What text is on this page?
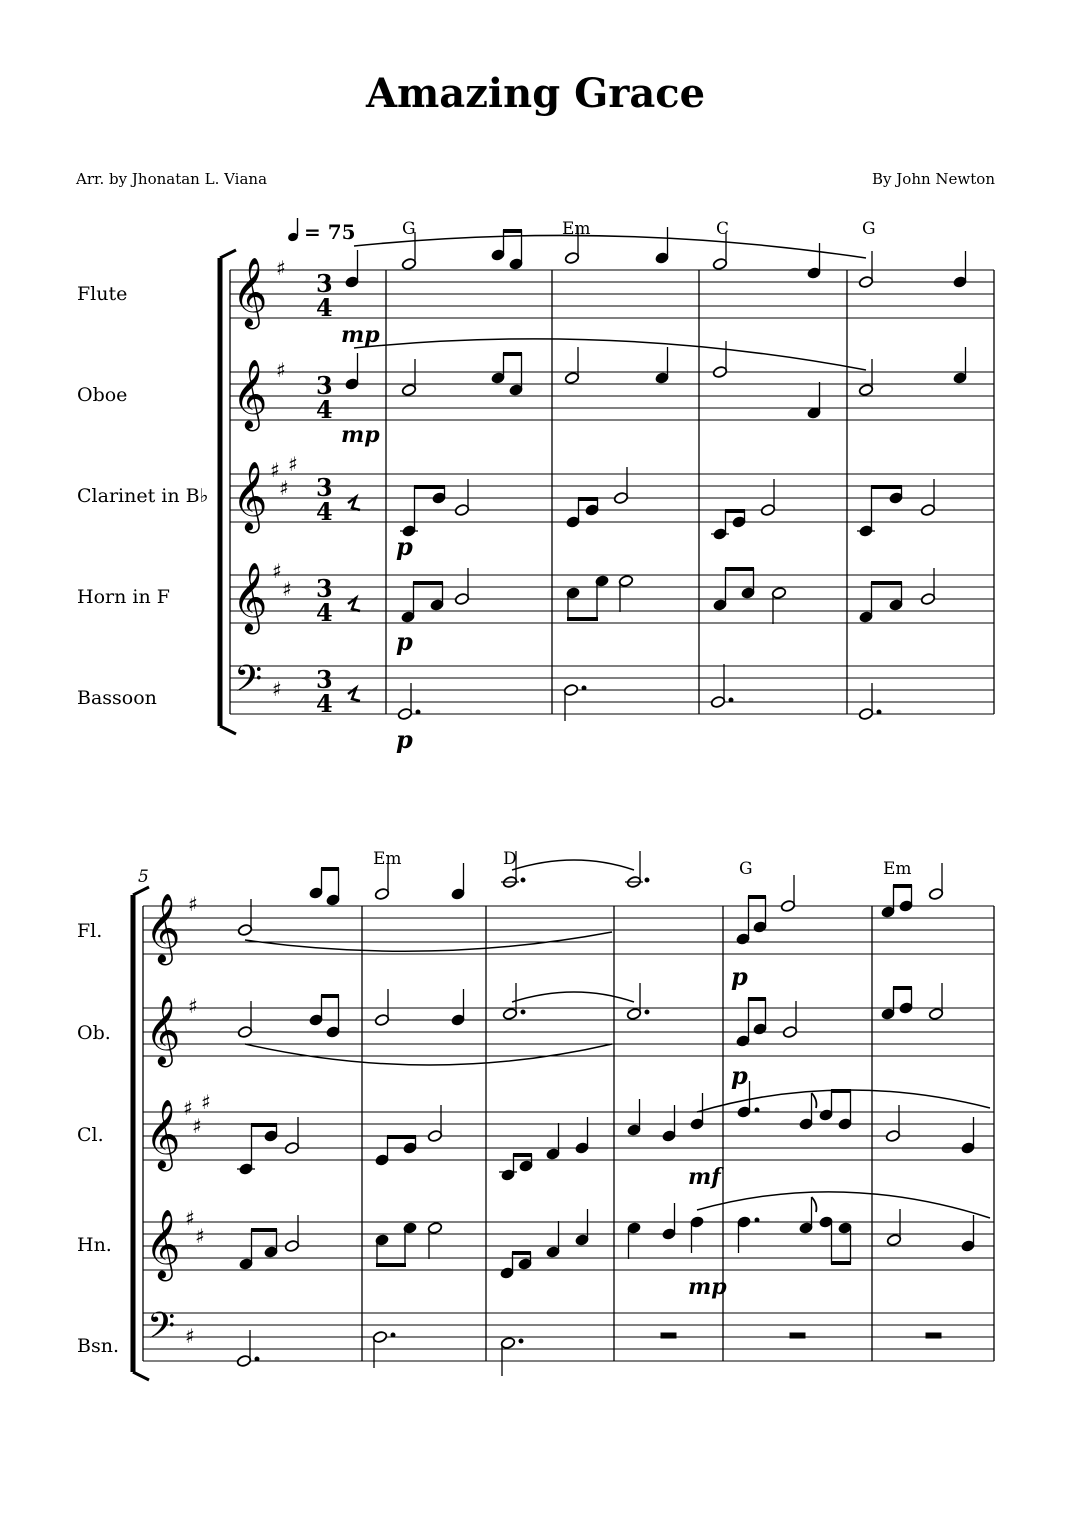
Amazing Grace
Arr. by Jhonatan L. Viana	By John Newton
= 75
Flute
Oboe
Clarinet in B♭
Horn in F
Bassoon
G	Em	C	G
𝄞
𝄞
𝄞
𝄞
𝄢
♯
♯
♯
♯
♯
♯
♯
♯
3
4
3
4
3
4
3
4
3
4
mp
mp
p
p
p
5
Fl.
Ob.
Cl.
Hn.
Bsn.
Em	D	G	Em
𝄞
𝄞
𝄞
𝄞
𝄢
♯
♯
♯
♯
♯
♯
♯
♯
p
p
mf
mp
